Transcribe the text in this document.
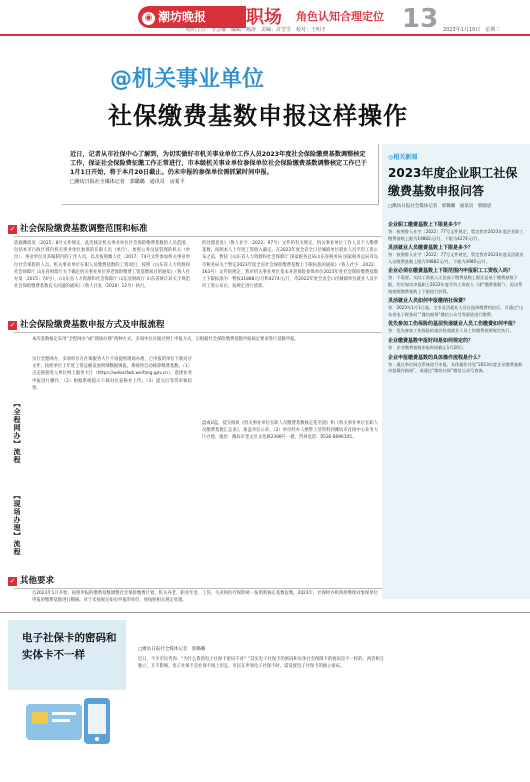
◉ 潮坊晚报	职场 角色认知合理定位 13
组织主任：李会娜　编辑：杨涛　美编：许雪雪　校对：王明才	2023年1月10日　星期二
@机关事业单位
社保缴费基数申报这样操作
近日，记者从市社保中心了解到，为切实做好市机关事业单位工作人员2023年度社会保险缴费基数调整核定工作，保证社会保险费征缴工作正常进行，市本级机关事业单位参保单位社会保险缴费基数调整核定工作已于1月1日开始，将于本月20日截止。仍未申报的参保单位需抓紧时间申报。
□潍坊日报社全媒体记者　郭璐璐　通讯员　房希平
✓ 社会保险缴费基数调整范围和标准
依据潍政发〔2015〕8号文件规定，此次核定机关事业单位社会保险缴费基数的人员范围，包括本市行政区域内机关事业单位参保的在职人员（单位），参照公务员法管理的机关（单位），事业单位及其编制内的工作人员，以及按照潍人社〔2017〕74号文件参加机关事业单位社会保险的人员。机关事业单位在职人员缴费基数的工资项目，按照《山东省人力资源和社会保障厅 山东省财政厅关于确定机关事业单位养老保险缴费工资基数项目的通知》（鲁人社办发〔2015〕74号）、《山东省人力资源和社会保障厅 山东省财政厅 山东省统计局关于规范社会保险缴费基数有关问题的通知》（鲁人社发〔2020〕12号）执行。
的处理意见》（鲁人社字〔2022〕67号）文件的有关规定。机关事业单位工作人员个人缴费基数，按照本人上年度工资收入确定。在2022年度全省全口径城镇单位就业人员平均工资公布之前，暂按《山东省人力资源和社会保障厅 国家税务总局山东省税务局 国家税务总局青岛市税务局关于暂定2023年度全省社会保险缴费基数上下限标准的通知》（鲁人社字〔2022〕163号）文件的规定，我市机关事业单位基本养老保险参保单位2023年度社会保险缴费基数上下限标准为：暂按31888元/月和4274元/月，待2022年度全省全口径城镇单位就业人员平均工资公布后，按规定进行清算。
✓ 社会保险缴费基数申报方式及申报流程
本次基数核定采用“全程网办”或“现场办理”两种方式。多项单位应通过网上申报方式，后根据社会保险缴费基数申报核定要求进行基数申报。
【全程网办】流程
【现场办理】流程
实行全程网办、多项单位在社保服务大厅不再提供现场办理，已申报的单位下载对应文件，按照单位上年度工资总额发放明细数据填报，系统将自动核算缴费基数。（1）点击链接进入单位网上服务大厅（https://webssfwb.weifang.gov.cn），选择业务申报进行操作。（2）根据系统提示下载对应表格并上传。（3）提交后等待审核结果。
盘或U盘，提交纸质《机关事业单位在职人员缴费基数核定花名册》和《机关事业单位在职人员缴费基数汇总表》，加盖单位公章。（2）单位经办人携带上述资料到潍坊市社保中心业务大厅办理，地址：潍坊市奎文区文化路2398号一楼，咨询电话：0536-8096105。
✓ 其他要求
自2023年1月开始，按照申报的缴费基数调整社会保险缴费计划，机关养老、职业年金、工伤、失业和医疗保险统一按照新核定基数征缴。2023年，社保经办机构将继续对参保单位申报的缴费基数进行稽核，对于未按规定如实申报的单位，将按照相关规定处理。
◎相关新闻
2023年度企业职工社保缴费基数申报问答
□潍坊日报社全媒体记者　郭璐璐　通讯员　柴晓晨
企业职工缴费基数上下限是多少？
答：按照鲁人社字〔2022〕77号文件规定，暂定我市2023年度企业职工缴费基数上限为19882元/月，下限为4274元/月。
灵活就业人员缴费基数上下限是多少？
答：按照鲁人社字〔2022〕77号文件规定，暂定我市2023年度灵活就业人员缴费基数上限为19882元/月，下限为3980元/月。
企业必须在缴费基数上下限范围内申报职工工资收入吗？
答：不需要。实际工资收入无论高于缴费基数上限还是低于缴费基数下限，均应如实申报职工2022年度月均工资收入（即“缴费基数”），再由系统按照缴费基数上下限进行折算。
灵活就业人员如何申报缴纳社保费？
答：2023年1月1日起，全市灵活就业人员在选择缴费档次后，可通过“山东省电子税务局”“潍坊税务”微信公众号等渠道进行缴费。
优先参加工伤保险的基层快递就业人员工伤缴费如何申报？
答：优先参加工伤保险的基层快递就业人员工伤缴费按照规定执行。
企业缴费基数申报时间是如何规定的？
答：企业缴费基数申报时间截止1月20日。
企业申报缴费基数的具体操作流程是什么？
答：通过单位网办系统进行申报。具体操作详见“2023年度企业缴费基数申报操作指南”，或通过“潍坊社保”微信公众号查询。
电子社保卡的密码和实体卡不一样	□潍坊日报社全媒体记者　郭璐璐
近日，不少市民咨询：“为什么我的电子社保卡密码不对？”其实电子社保卡的密码和实体社会保障卡的密码是不一样的，两者相互独立，互不影响。电子社保卡是社保卡线上形态，市民在申领电子社保卡时，需设置电子社保卡的独立密码。
